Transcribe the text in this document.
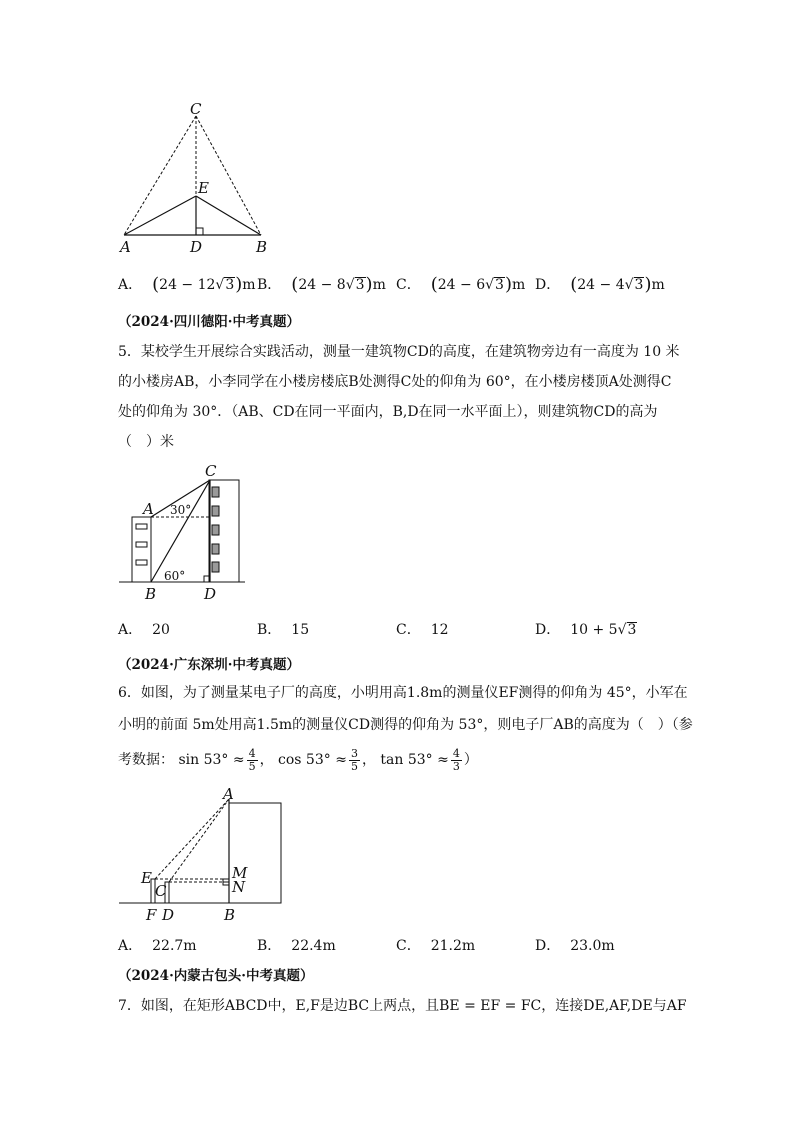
C
E
A	D	B
A． (24 − 12√3)m B． (24 − 8√3)m C． (24 − 6√3)m D． (24 − 4√3)m
（2024·四川德阳·中考真题）
5．某校学生开展综合实践活动，测量一建筑物CD的高度，在建筑物旁边有一高度为 10 米
的小楼房AB，小李同学在小楼房楼底B处测得C处的仰角为 60°，在小楼房楼顶A处测得C
处的仰角为 30°．（AB、CD在同一平面内，B,D在同一水平面上），则建筑物CD的高为
（　）米
C
A 30°
60°
B	D
A． 20	B． 15	C． 12	D． 10 + 5√3
（2024·广东深圳·中考真题）
6．如图，为了测量某电子厂的高度，小明用高1.8m的测量仪EF测得的仰角为 45°，小军在
小明的前面 5m处用高1.5m的测量仪CD测得的仰角为 53°，则电子厂AB的高度为（　）（参
考数据： $\sin 53^\circ \approx \frac{4}{5}$ ， $\cos 53^\circ \approx \frac{3}{5}$ ， $\tan 53^\circ \approx \frac{4}{3}$ ）
A
E
C
M
N
F D	B
A． 22.7m	B． 22.4m	C． 21.2m	D． 23.0m
（2024·内蒙古包头·中考真题）
7．如图，在矩形ABCD中，E,F是边BC上两点，且BE = EF = FC，连接DE,AF,DE与AF
